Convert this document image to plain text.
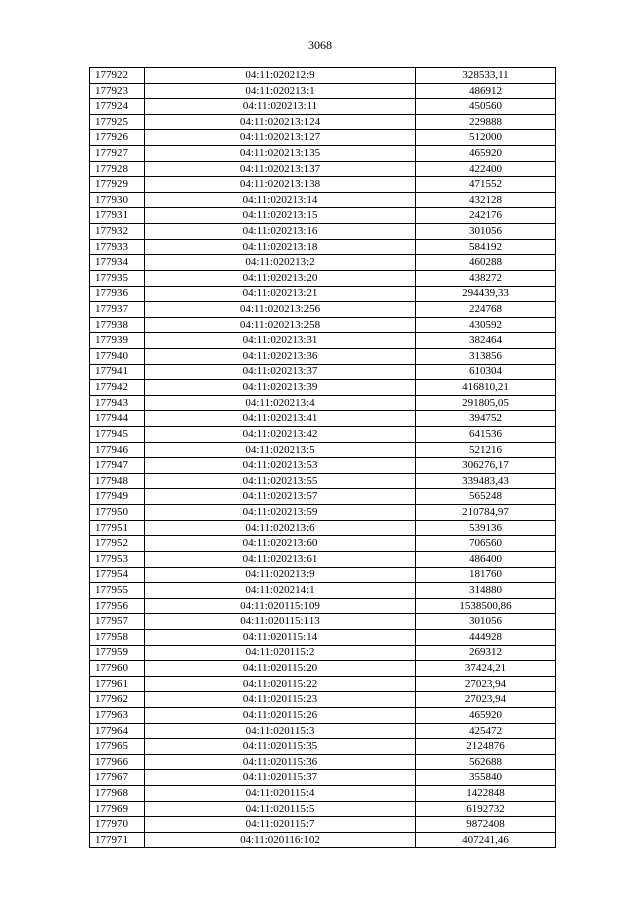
3068
177922	04:11:020212:9	328533,11
177923	04:11:020213:1	486912
177924	04:11:020213:11	450560
177925	04:11:020213:124	229888
177926	04:11:020213:127	512000
177927	04:11:020213:135	465920
177928	04:11:020213:137	422400
177929	04:11:020213:138	471552
177930	04:11:020213:14	432128
177931	04:11:020213:15	242176
177932	04:11:020213:16	301056
177933	04:11:020213:18	584192
177934	04:11:020213:2	460288
177935	04:11:020213:20	438272
177936	04:11:020213:21	294439,33
177937	04:11:020213:256	224768
177938	04:11:020213:258	430592
177939	04:11:020213:31	382464
177940	04:11:020213:36	313856
177941	04:11:020213:37	610304
177942	04:11:020213:39	416810,21
177943	04:11:020213:4	291805,05
177944	04:11:020213:41	394752
177945	04:11:020213:42	641536
177946	04:11:020213:5	521216
177947	04:11:020213:53	306276,17
177948	04:11:020213:55	339483,43
177949	04:11:020213:57	565248
177950	04:11:020213:59	210784,97
177951	04:11:020213:6	539136
177952	04:11:020213:60	706560
177953	04:11:020213:61	486400
177954	04:11:020213:9	181760
177955	04:11:020214:1	314880
177956	04:11:020115:109	1538500,86
177957	04:11:020115:113	301056
177958	04:11:020115:14	444928
177959	04:11:020115:2	269312
177960	04:11:020115:20	37424,21
177961	04:11:020115:22	27023,94
177962	04:11:020115:23	27023,94
177963	04:11:020115:26	465920
177964	04:11:020115:3	425472
177965	04:11:020115:35	2124876
177966	04:11:020115:36	562688
177967	04:11:020115:37	355840
177968	04:11:020115:4	1422848
177969	04:11:020115:5	6192732
177970	04:11:020115:7	9872408
177971	04:11:020116:102	407241,46
